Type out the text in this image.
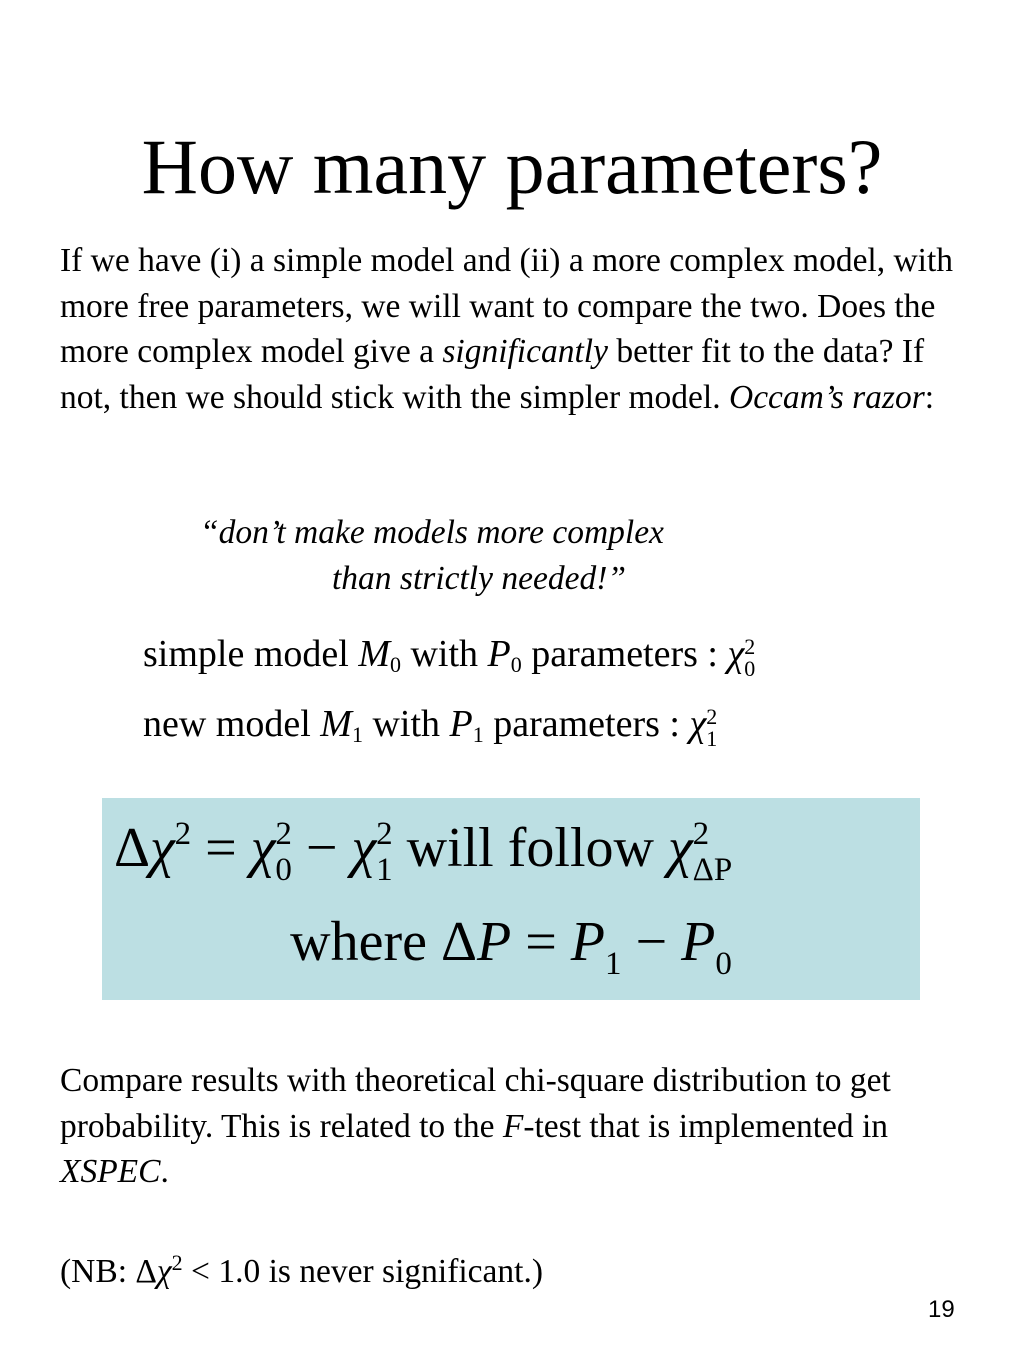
How many parameters?
If we have (i) a simple model and (ii) a more complex model, with more free parameters, we will want to compare the two. Does the more complex model give a significantly better fit to the data? If not, then we should stick with the simpler model. Occam’s razor:
“don’t make models more complex
than strictly needed!”
simple model $M_0$ with $P_0$ parameters : χ 2
0
new model $M_1$ with $P_1$ parameters : χ 2
1
$\Delta\chi^2 = \chi$ 2
0 − χ 2
1 will follow χ 2
ΔP
where $\Delta P = P_1 - P_0$
Compare results with theoretical chi-square distribution to get probability. This is related to the F-test that is implemented in XSPEC.
(NB: $\Delta\chi^2 < 1.0$ is never significant.)
19
